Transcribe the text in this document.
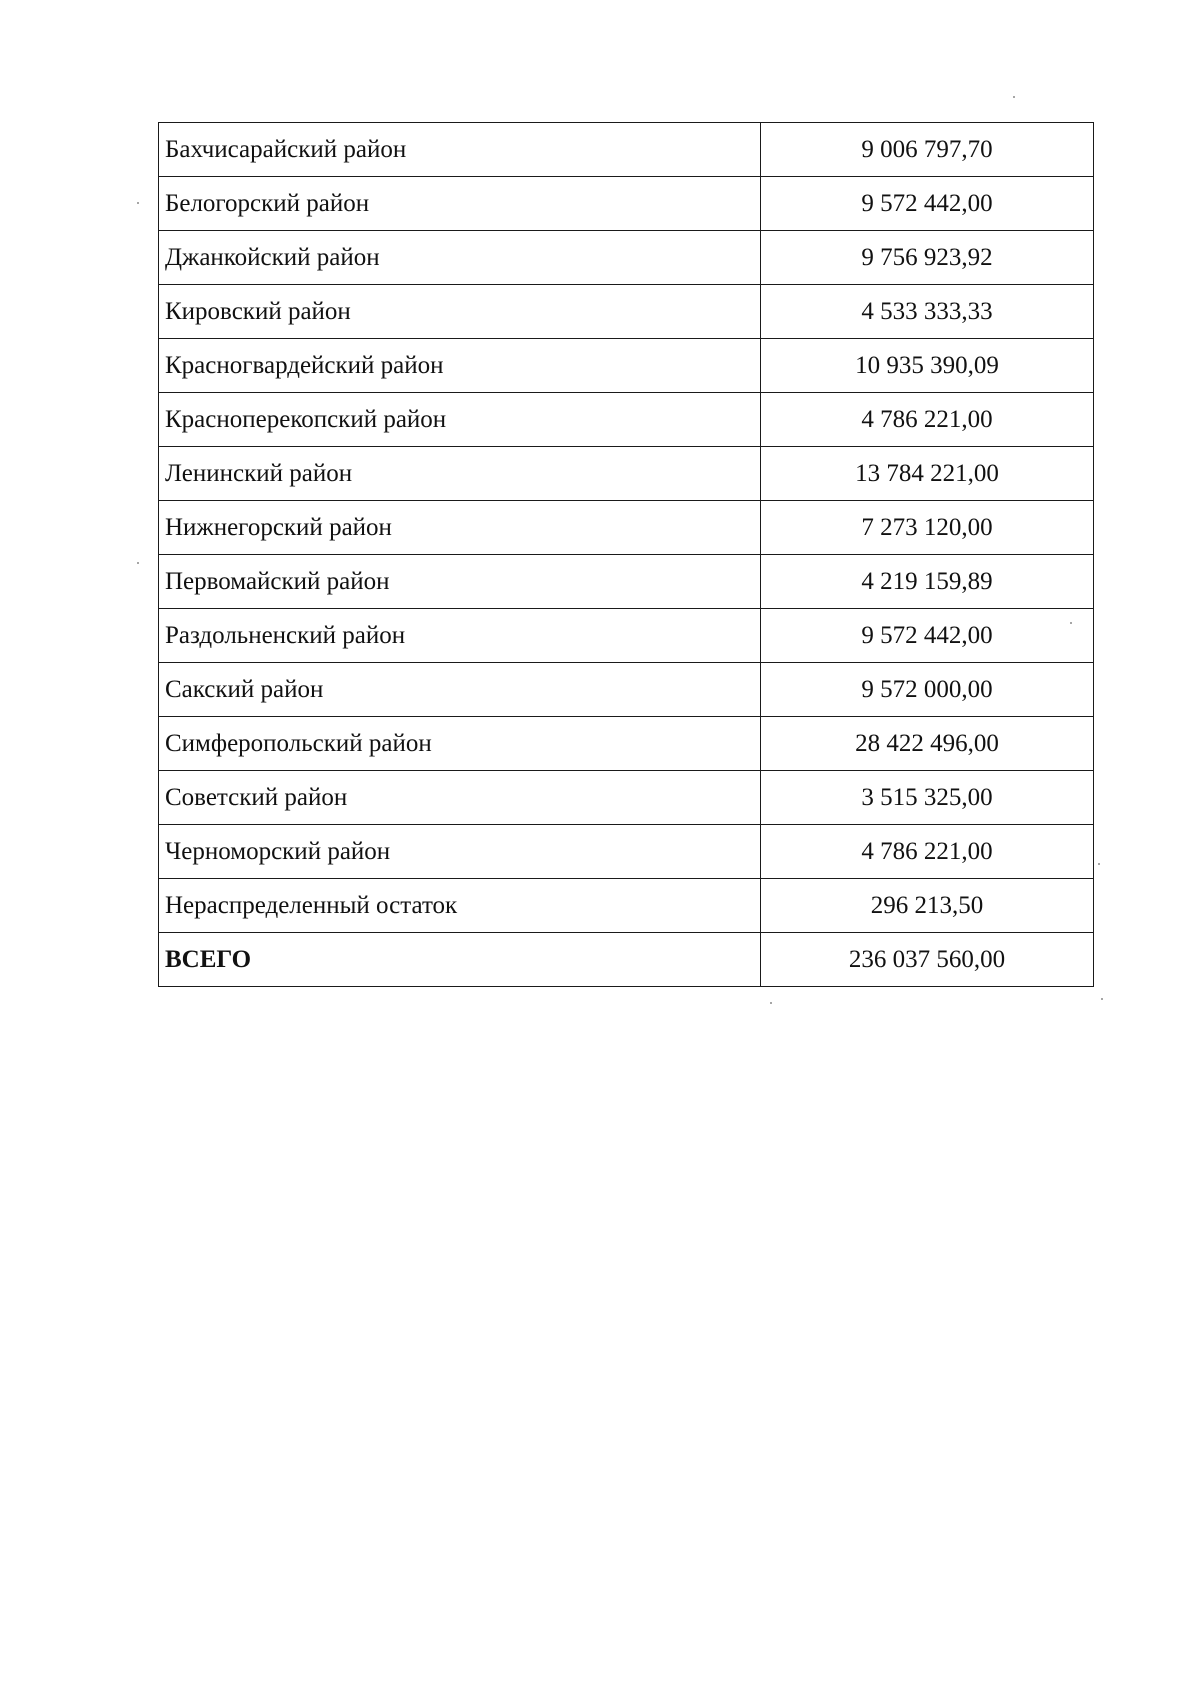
Бахчисарайский район	9 006 797,70
Белогорский район	9 572 442,00
Джанкойский район	9 756 923,92
Кировский район	4 533 333,33
Красногвардейский район	10 935 390,09
Красноперекопский район	4 786 221,00
Ленинский район	13 784 221,00
Нижнегорский район	7 273 120,00
Первомайский район	4 219 159,89
Раздольненский район	9 572 442,00
Сакский район	9 572 000,00
Симферопольский район	28 422 496,00
Советский район	3 515 325,00
Черноморский район	4 786 221,00
Нераспределенный остаток	296 213,50
ВСЕГО	236 037 560,00
